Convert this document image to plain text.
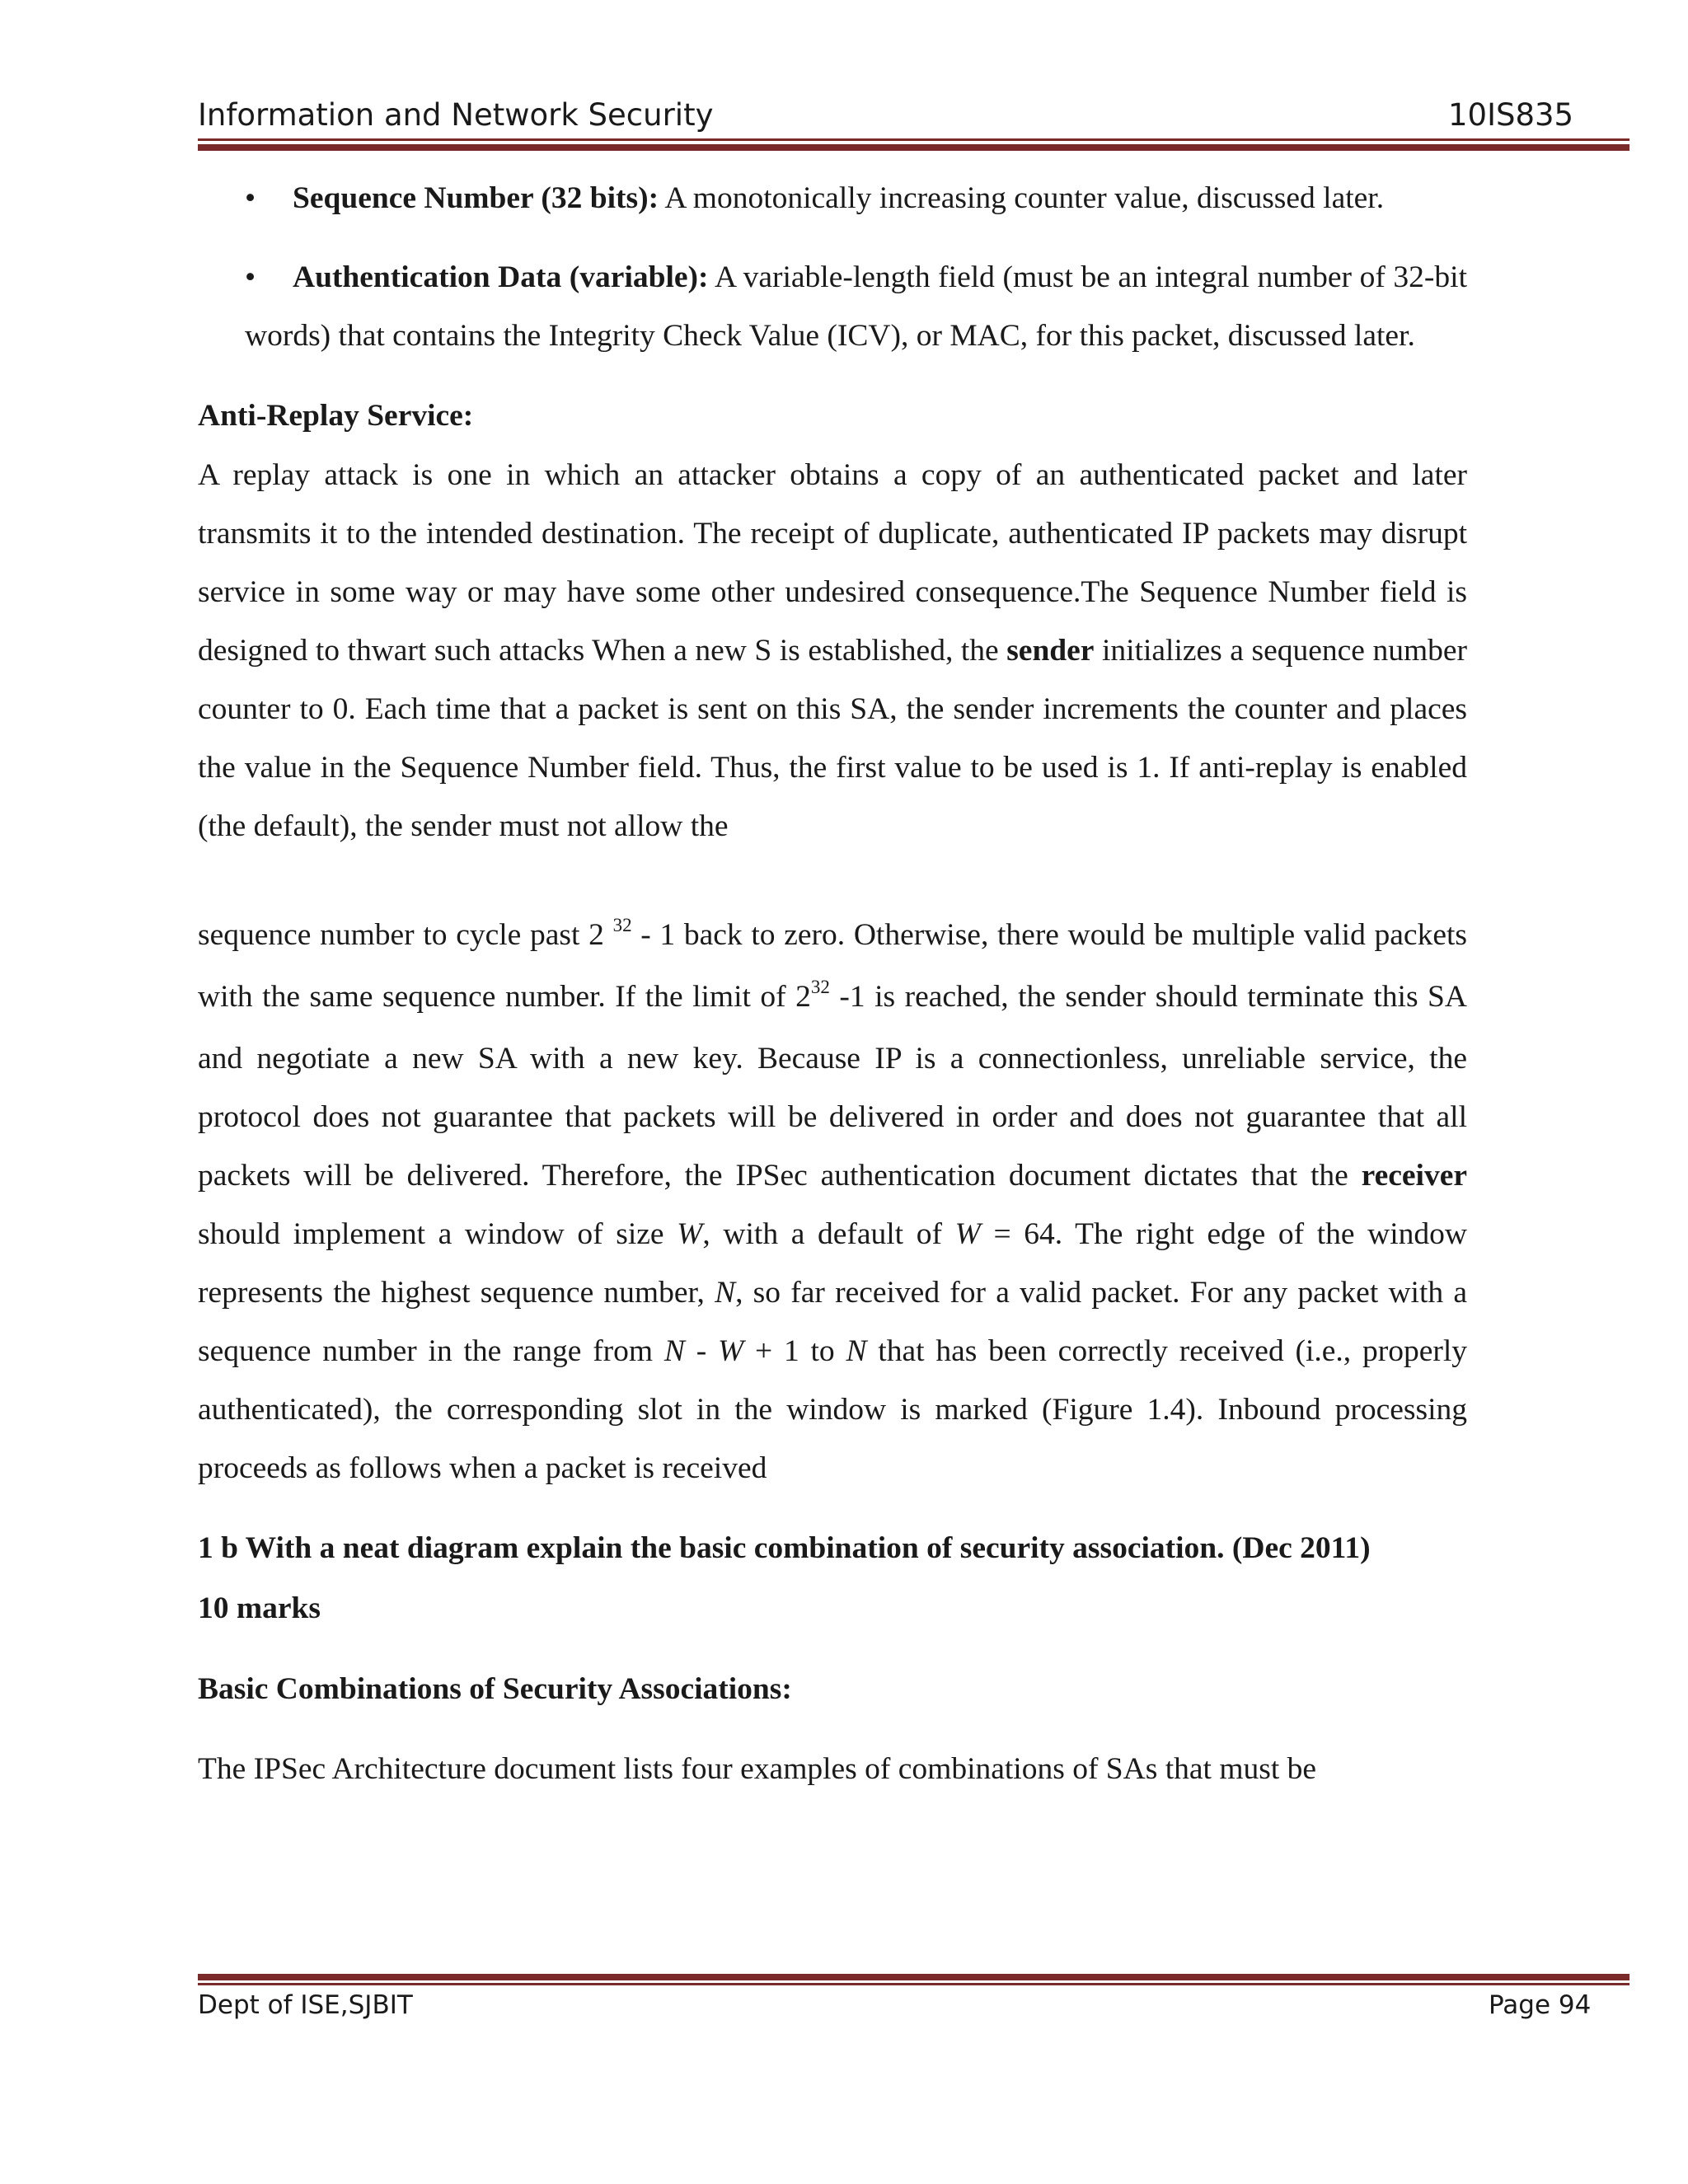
Information and Network Security	10IS835

• Sequence Number (32 bits): A monotonically increasing counter value, discussed later.

• Authentication Data (variable): A variable-length field (must be an integral number of 32-bit words) that contains the Integrity Check Value (ICV), or MAC, for this packet, discussed later.

Anti-Replay Service:

A replay attack is one in which an attacker obtains a copy of an authenticated packet and later transmits it to the intended destination. The receipt of duplicate, authenticated IP packets may disrupt service in some way or may have some other undesired consequence.The Sequence Number field is designed to thwart such attacks When a new S is established, the sender initializes a sequence number counter to 0. Each time that a packet is sent on this SA, the sender increments the counter and places the value in the Sequence Number field. Thus, the first value to be used is 1. If anti-replay is enabled (the default), the sender must not allow the

sequence number to cycle past 2 $^{32}$ - 1 back to zero. Otherwise, there would be multiple valid packets with the same sequence number. If the limit of $2^{32}$ -1 is reached, the sender should terminate this SA and negotiate a new SA with a new key. Because IP is a connectionless, unreliable service, the protocol does not guarantee that packets will be delivered in order and does not guarantee that all packets will be delivered. Therefore, the IPSec authentication document dictates that the receiver should implement a window of size W, with a default of W = 64. The right edge of the window represents the highest sequence number, N, so far received for a valid packet. For any packet with a sequence number in the range from N - W + 1 to N that has been correctly received (i.e., properly authenticated), the corresponding slot in the window is marked (Figure 1.4). Inbound processing proceeds as follows when a packet is received

1 b With a neat diagram explain the basic combination of security association. (Dec 2011)

10 marks

Basic Combinations of Security Associations:

The IPSec Architecture document lists four examples of combinations of SAs that must be

Dept of ISE,SJBIT	Page 94
